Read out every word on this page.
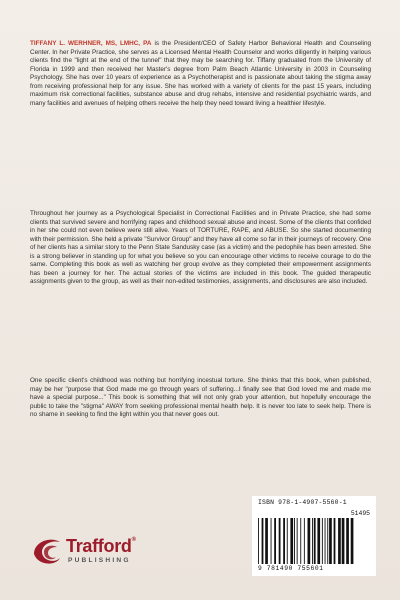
TIFFANY L. WERHNER, MS, LMHC, PA is the President/CEO of Safety Harbor Behavioral Health and Counseling Center. In her Private Practice, she serves as a Licensed Mental Health Counselor and works diligently in helping various clients find the "light at the end of the tunnel" that they may be searching for. Tiffany graduated from the University of Florida in 1999 and then received her Master's degree from Palm Beach Atlantic University in 2003 in Counseling Psychology. She has over 10 years of experience as a Psychotherapist and is passionate about taking the stigma away from receiving professional help for any issue. She has worked with a variety of clients for the past 15 years, including maximum risk correctional facilities, substance abuse and drug rehabs, intensive and residential psychiatric wards, and many facilities and avenues of helping others receive the help they need toward living a healthier lifestyle.

Throughout her journey as a Psychological Specialist in Correctional Facilities and in Private Practice, she had some clients that survived severe and horrifying rapes and childhood sexual abuse and incest. Some of the clients that confided in her she could not even believe were still alive. Years of TORTURE, RAPE, and ABUSE. So she started documenting with their permission. She held a private "Survivor Group" and they have all come so far in their journeys of recovery. One of her clients has a similar story to the Penn State Sandusky case (as a victim) and the pedophile has been arrested. She is a strong believer in standing up for what you believe so you can encourage other victims to receive courage to do the same. Completing this book as well as watching her group evolve as they completed their empowerment assignments has been a journey for her. The actual stories of the victims are included in this book. The guided therapeutic assignments given to the group, as well as their non-edited testimonies, assignments, and disclosures are also included.

One specific client's childhood was nothing but horrifying incestual torture. She thinks that this book, when published, may be her "purpose that God made me go through years of suffering...I finally see that God loved me and made me have a special purpose..." This book is something that will not only grab your attention, but hopefully encourage the public to take the "stigma" AWAY from seeking professional mental health help. It is never too late to seek help. There is no shame in seeking to find the light within you that never goes out.

ISBN 978-1-4907-5560-1
51495
9 781490 755601
Trafford®
PUBLISHING
